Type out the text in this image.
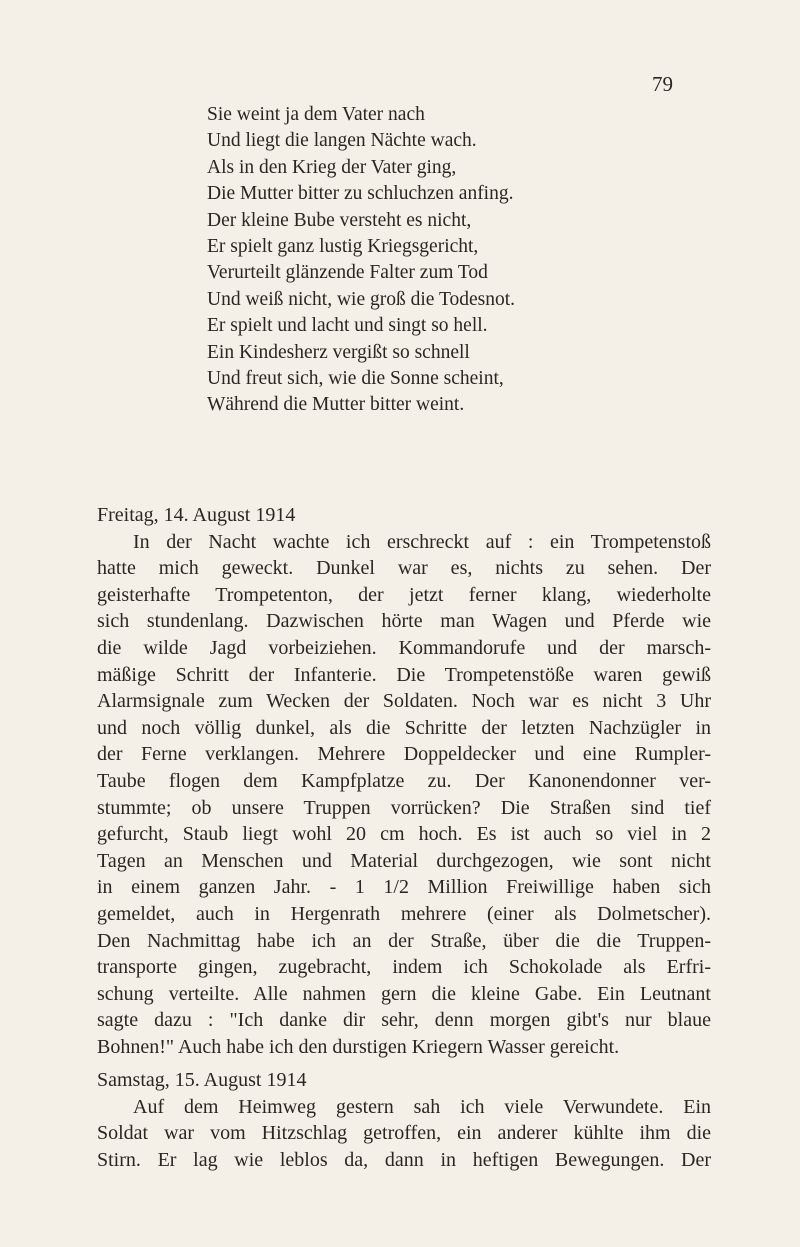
79
Sie weint ja dem Vater nach
Und liegt die langen Nächte wach.
Als in den Krieg der Vater ging,
Die Mutter bitter zu schluchzen anfing.
Der kleine Bube versteht es nicht,
Er spielt ganz lustig Kriegsgericht,
Verurteilt glänzende Falter zum Tod
Und weiß nicht, wie groß die Todesnot.
Er spielt und lacht und singt so hell.
Ein Kindesherz vergißt so schnell
Und freut sich, wie die Sonne scheint,
Während die Mutter bitter weint.
Freitag, 14. August 1914
In der Nacht wachte ich erschreckt auf : ein Trompetenstoß
hatte mich geweckt. Dunkel war es, nichts zu sehen. Der
geisterhafte Trompetenton, der jetzt ferner klang, wiederholte
sich stundenlang. Dazwischen hörte man Wagen und Pferde wie
die wilde Jagd vorbeiziehen. Kommandorufe und der marsch-
mäßige Schritt der Infanterie. Die Trompetenstöße waren gewiß
Alarmsignale zum Wecken der Soldaten. Noch war es nicht 3 Uhr
und noch völlig dunkel, als die Schritte der letzten Nachzügler in
der Ferne verklangen. Mehrere Doppeldecker und eine Rumpler-
Taube flogen dem Kampfplatze zu. Der Kanonendonner ver-
stummte; ob unsere Truppen vorrücken? Die Straßen sind tief
gefurcht, Staub liegt wohl 20 cm hoch. Es ist auch so viel in 2
Tagen an Menschen und Material durchgezogen, wie sont nicht
in einem ganzen Jahr. - 1 1/2 Million Freiwillige haben sich
gemeldet, auch in Hergenrath mehrere (einer als Dolmetscher).
Den Nachmittag habe ich an der Straße, über die die Truppen-
transporte gingen, zugebracht, indem ich Schokolade als Erfri-
schung verteilte. Alle nahmen gern die kleine Gabe. Ein Leutnant
sagte dazu : "Ich danke dir sehr, denn morgen gibt's nur blaue
Bohnen!" Auch habe ich den durstigen Kriegern Wasser gereicht.
Samstag, 15. August 1914
Auf dem Heimweg gestern sah ich viele Verwundete. Ein
Soldat war vom Hitzschlag getroffen, ein anderer kühlte ihm die
Stirn. Er lag wie leblos da, dann in heftigen Bewegungen. Der
